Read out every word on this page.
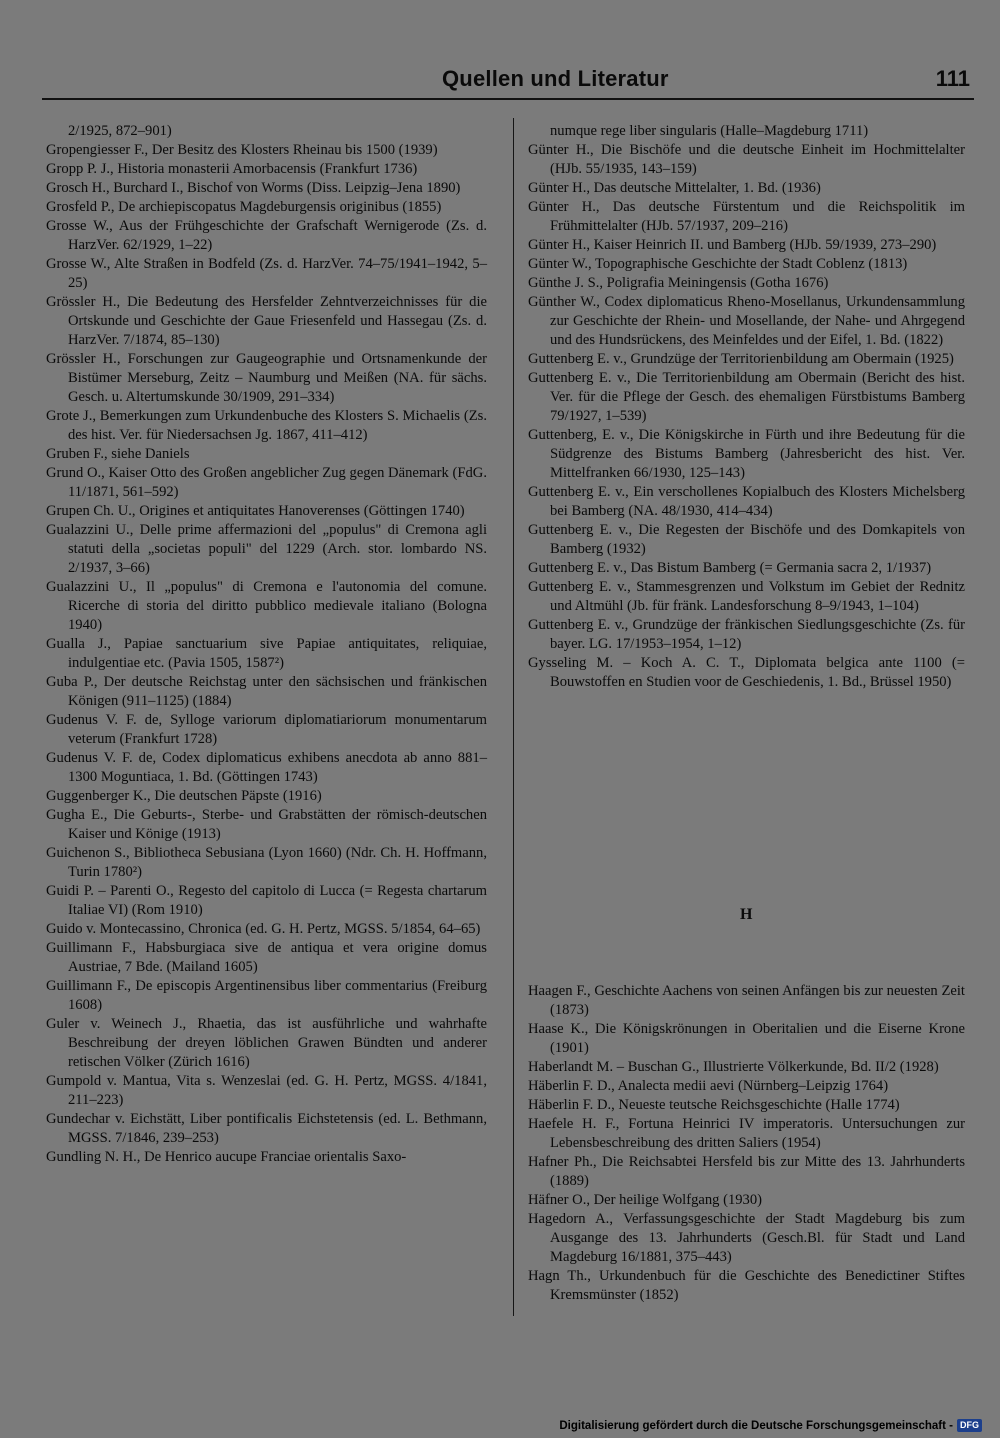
Quellen und Literatur	111

2/1925, 872–901)

Gropengiesser F., Der Besitz des Klosters Rheinau bis 1500 (1939)

Gropp P. J., Historia monasterii Amorbacensis (Frankfurt 1736)

Grosch H., Burchard I., Bischof von Worms (Diss. Leipzig–Jena 1890)

Grosfeld P., De archiepiscopatus Magdeburgensis originibus (1855)

Grosse W., Aus der Frühgeschichte der Grafschaft Wernigerode (Zs. d. HarzVer. 62/1929, 1–22)

Grosse W., Alte Straßen in Bodfeld (Zs. d. HarzVer. 74–75/1941–1942, 5–25)

Grössler H., Die Bedeutung des Hersfelder Zehntverzeichnisses für die Ortskunde und Geschichte der Gaue Friesenfeld und Hassegau (Zs. d. HarzVer. 7/1874, 85–130)

Grössler H., Forschungen zur Gaugeographie und Ortsnamenkunde der Bistümer Merseburg, Zeitz – Naumburg und Meißen (NA. für sächs. Gesch. u. Altertumskunde 30/1909, 291–334)

Grote J., Bemerkungen zum Urkundenbuche des Klosters S. Michaelis (Zs. des hist. Ver. für Niedersachsen Jg. 1867, 411–412)

Gruben F., siehe Daniels

Grund O., Kaiser Otto des Großen angeblicher Zug gegen Dänemark (FdG. 11/1871, 561–592)

Grupen Ch. U., Origines et antiquitates Hanoverenses (Göttingen 1740)

Gualazzini U., Delle prime affermazioni del „populus" di Cremona agli statuti della „societas populi" del 1229 (Arch. stor. lombardo NS. 2/1937, 3–66)

Gualazzini U., Il „populus" di Cremona e l'autonomia del comune. Ricerche di storia del diritto pubblico medievale italiano (Bologna 1940)

Gualla J., Papiae sanctuarium sive Papiae antiquitates, reliquiae, indulgentiae etc. (Pavia 1505, 1587²)

Guba P., Der deutsche Reichstag unter den sächsischen und fränkischen Königen (911–1125) (1884)

Gudenus V. F. de, Sylloge variorum diplomatiariorum monumentarum veterum (Frankfurt 1728)

Gudenus V. F. de, Codex diplomaticus exhibens anecdota ab anno 881–1300 Moguntiaca, 1. Bd. (Göttingen 1743)

Guggenberger K., Die deutschen Päpste (1916)

Gugha E., Die Geburts-, Sterbe- und Grabstätten der römisch-deutschen Kaiser und Könige (1913)

Guichenon S., Bibliotheca Sebusiana (Lyon 1660) (Ndr. Ch. H. Hoffmann, Turin 1780²)

Guidi P. – Parenti O., Regesto del capitolo di Lucca (= Regesta chartarum Italiae VI) (Rom 1910)

Guido v. Montecassino, Chronica (ed. G. H. Pertz, MGSS. 5/1854, 64–65)

Guillimann F., Habsburgiaca sive de antiqua et vera origine domus Austriae, 7 Bde. (Mailand 1605)

Guillimann F., De episcopis Argentinensibus liber commentarius (Freiburg 1608)

Guler v. Weinech J., Rhaetia, das ist ausführliche und wahrhafte Beschreibung der dreyen löblichen Grawen Bündten und anderer retischen Völker (Zürich 1616)

Gumpold v. Mantua, Vita s. Wenzeslai (ed. G. H. Pertz, MGSS. 4/1841, 211–223)

Gundechar v. Eichstätt, Liber pontificalis Eichstetensis (ed. L. Bethmann, MGSS. 7/1846, 239–253)

Gundling N. H., De Henrico aucupe Franciae orientalis Saxo-

numque rege liber singularis (Halle–Magdeburg 1711)

Günter H., Die Bischöfe und die deutsche Einheit im Hochmittelalter (HJb. 55/1935, 143–159)

Günter H., Das deutsche Mittelalter, 1. Bd. (1936)

Günter H., Das deutsche Fürstentum und die Reichspolitik im Frühmittelalter (HJb. 57/1937, 209–216)

Günter H., Kaiser Heinrich II. und Bamberg (HJb. 59/1939, 273–290)

Günter W., Topographische Geschichte der Stadt Coblenz (1813)

Günthe J. S., Poligrafia Meiningensis (Gotha 1676)

Günther W., Codex diplomaticus Rheno-Mosellanus, Urkundensammlung zur Geschichte der Rhein- und Mosellande, der Nahe- und Ahrgegend und des Hundsrückens, des Meinfeldes und der Eifel, 1. Bd. (1822)

Guttenberg E. v., Grundzüge der Territorienbildung am Obermain (1925)

Guttenberg E. v., Die Territorienbildung am Obermain (Bericht des hist. Ver. für die Pflege der Gesch. des ehemaligen Fürstbistums Bamberg 79/1927, 1–539)

Guttenberg, E. v., Die Königskirche in Fürth und ihre Bedeutung für die Südgrenze des Bistums Bamberg (Jahresbericht des hist. Ver. Mittelfranken 66/1930, 125–143)

Guttenberg E. v., Ein verschollenes Kopialbuch des Klosters Michelsberg bei Bamberg (NA. 48/1930, 414–434)

Guttenberg E. v., Die Regesten der Bischöfe und des Domkapitels von Bamberg (1932)

Guttenberg E. v., Das Bistum Bamberg (= Germania sacra 2, 1/1937)

Guttenberg E. v., Stammesgrenzen und Volkstum im Gebiet der Rednitz und Altmühl (Jb. für fränk. Landesforschung 8–9/1943, 1–104)

Guttenberg E. v., Grundzüge der fränkischen Siedlungsgeschichte (Zs. für bayer. LG. 17/1953–1954, 1–12)

Gysseling M. – Koch A. C. T., Diplomata belgica ante 1100 (= Bouwstoffen en Studien voor de Geschiedenis, 1. Bd., Brüssel 1950)

H

Haagen F., Geschichte Aachens von seinen Anfängen bis zur neuesten Zeit (1873)

Haase K., Die Königskrönungen in Oberitalien und die Eiserne Krone (1901)

Haberlandt M. – Buschan G., Illustrierte Völkerkunde, Bd. II/2 (1928)

Häberlin F. D., Analecta medii aevi (Nürnberg–Leipzig 1764)

Häberlin F. D., Neueste teutsche Reichsgeschichte (Halle 1774)

Haefele H. F., Fortuna Heinrici IV imperatoris. Untersuchungen zur Lebensbeschreibung des dritten Saliers (1954)

Hafner Ph., Die Reichsabtei Hersfeld bis zur Mitte des 13. Jahrhunderts (1889)

Häfner O., Der heilige Wolfgang (1930)

Hagedorn A., Verfassungsgeschichte der Stadt Magdeburg bis zum Ausgange des 13. Jahrhunderts (Gesch.Bl. für Stadt und Land Magdeburg 16/1881, 375–443)

Hagn Th., Urkundenbuch für die Geschichte des Benedictiner Stiftes Kremsmünster (1852)

Digitalisierung gefördert durch die Deutsche Forschungsgemeinschaft - DFG
